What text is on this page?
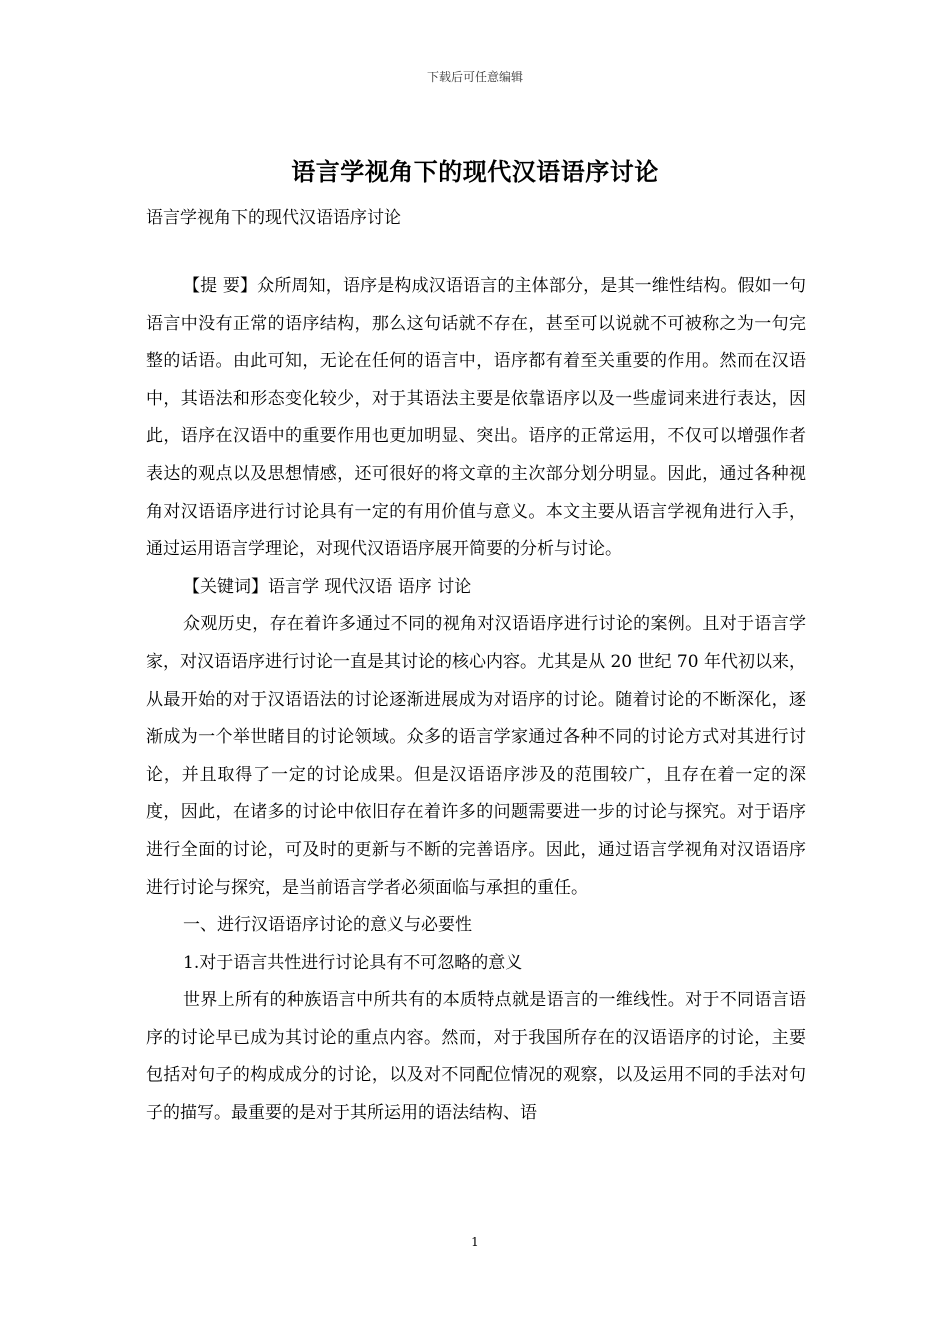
下载后可任意编辑
语言学视角下的现代汉语语序讨论
语言学视角下的现代汉语语序讨论

【提 要】众所周知，语序是构成汉语语言的主体部分，是其一维性结构。假如一句语言中没有正常的语序结构，那么这句话就不存在，甚至可以说就不可被称之为一句完整的话语。由此可知，无论在任何的语言中，语序都有着至关重要的作用。然而在汉语中，其语法和形态变化较少，对于其语法主要是依靠语序以及一些虚词来进行表达，因此，语序在汉语中的重要作用也更加明显、突出。语序的正常运用，不仅可以增强作者表达的观点以及思想情感，还可很好的将文章的主次部分划分明显。因此，通过各种视角对汉语语序进行讨论具有一定的有用价值与意义。本文主要从语言学视角进行入手，通过运用语言学理论，对现代汉语语序展开简要的分析与讨论。

【关键词】语言学 现代汉语 语序 讨论

众观历史，存在着许多通过不同的视角对汉语语序进行讨论的案例。且对于语言学家，对汉语语序进行讨论一直是其讨论的核心内容。尤其是从 20 世纪 70 年代初以来，从最开始的对于汉语语法的讨论逐渐进展成为对语序的讨论。随着讨论的不断深化，逐渐成为一个举世睹目的讨论领域。众多的语言学家通过各种不同的讨论方式对其进行讨论，并且取得了一定的讨论成果。但是汉语语序涉及的范围较广，且存在着一定的深度，因此，在诸多的讨论中依旧存在着许多的问题需要进一步的讨论与探究。对于语序进行全面的讨论，可及时的更新与不断的完善语序。因此，通过语言学视角对汉语语序进行讨论与探究，是当前语言学者必须面临与承担的重任。

一、进行汉语语序讨论的意义与必要性

1.对于语言共性进行讨论具有不可忽略的意义

世界上所有的种族语言中所共有的本质特点就是语言的一维线性。对于不同语言语序的讨论早已成为其讨论的重点内容。然而，对于我国所存在的汉语语序的讨论，主要包括对句子的构成成分的讨论，以及对不同配位情况的观察，以及运用不同的手法对句子的描写。最重要的是对于其所运用的语法结构、语

1
